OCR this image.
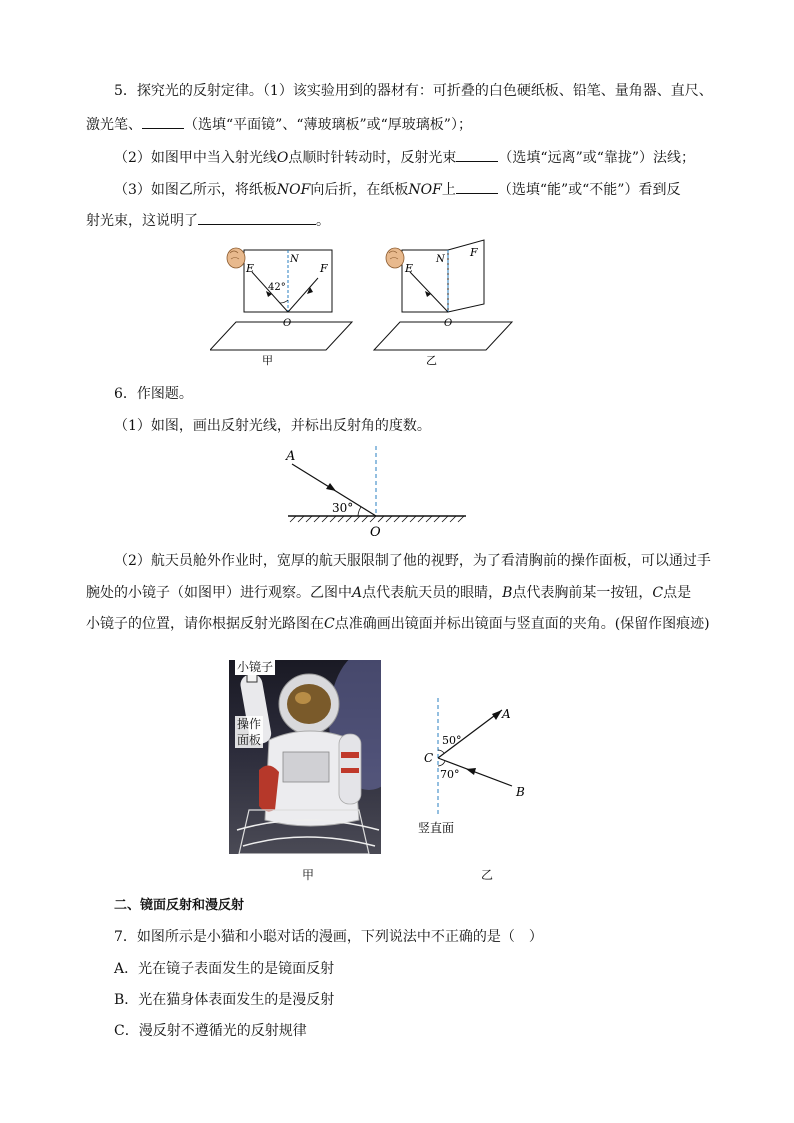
5．探究光的反射定律。（1）该实验用到的器材有：可折叠的白色硬纸板、铅笔、量角器、直尺、
激光笔、	（选填“平面镜”、“薄玻璃板”或“厚玻璃板”）；
（2）如图甲中当入射光线O点顺时针转动时，反射光束	（选填“远离”或“靠拢”）法线；
（3）如图乙所示，将纸板NOF向后折，在纸板NOF上	（选填“能”或“不能”）看到反
射光束，这说明了	。
E
N
F
42°
O
甲
E
N
F
O
乙
6．作图题。
（1）如图，画出反射光线，并标出反射角的度数。
A
30°
O
（2）航天员舱外作业时，宽厚的航天服限制了他的视野，为了看清胸前的操作面板，可以通过手
腕处的小镜子（如图甲）进行观察。乙图中A点代表航天员的眼睛，B点代表胸前某一按钮，C点是
小镜子的位置，请你根据反射光路图在C点准确画出镜面并标出镜面与竖直面的夹角。(保留作图痕迹)
小镜子
操作
面板
甲
A
B
C
50°
70°
竖直面
乙
二、镜面反射和漫反射
7．如图所示是小猫和小聪对话的漫画，下列说法中不正确的是（　）
A．光在镜子表面发生的是镜面反射
B．光在猫身体表面发生的是漫反射
C．漫反射不遵循光的反射规律
